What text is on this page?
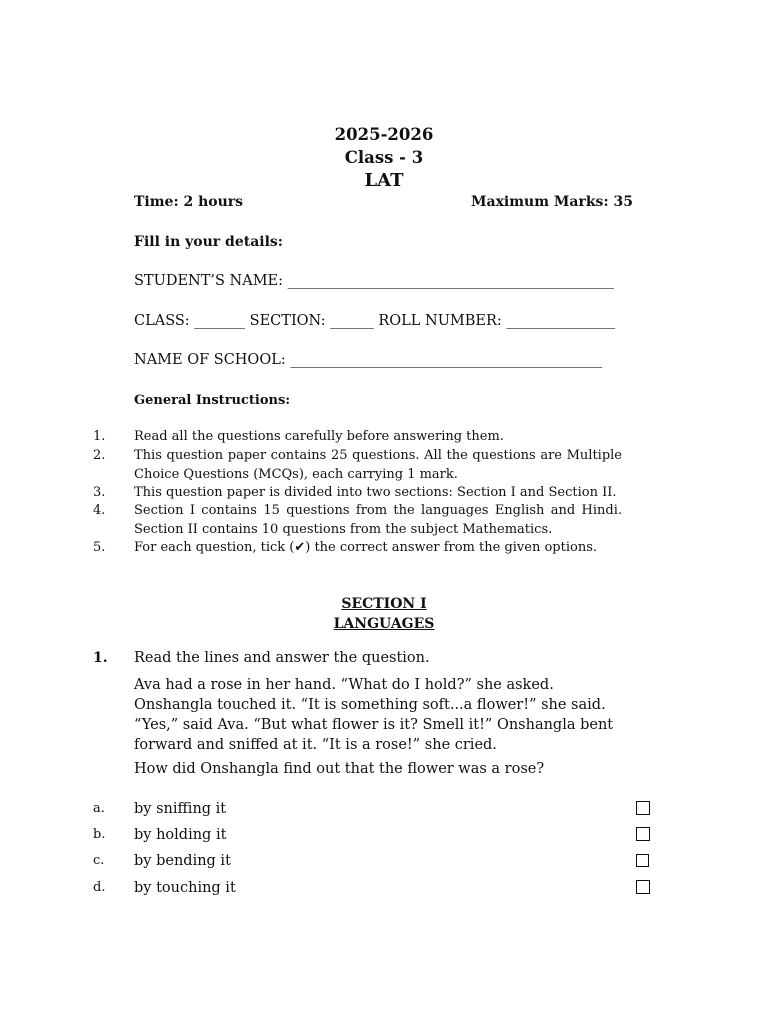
2025-2026
Class - 3
LAT
Time: 2 hours	Maximum Marks: 35
Fill in your details:
STUDENT’S NAME: _____________________________________________
CLASS: _______ SECTION: ______ ROLL NUMBER: _______________
NAME OF SCHOOL: ___________________________________________
General Instructions:
1. Read all the questions carefully before answering them.
2. This question paper contains 25 questions. All the questions are Multiple Choice Questions (MCQs), each carrying 1 mark.
3. This question paper is divided into two sections: Section I and Section II.
4. Section I contains 15 questions from the languages English and Hindi. Section II contains 10 questions from the subject Mathematics.
5. For each question, tick (✔) the correct answer from the given options.
SECTION I
LANGUAGES
1. Read the lines and answer the question.
Ava had a rose in her hand. “What do I hold?” she asked. Onshangla touched it. “It is something soft...a flower!” she said. “Yes,” said Ava. “But what flower is it? Smell it!” Onshangla bent forward and sniffed at it. “It is a rose!” she cried.
How did Onshangla find out that the flower was a rose?
a. by sniffing it
b. by holding it
c. by bending it
d. by touching it
